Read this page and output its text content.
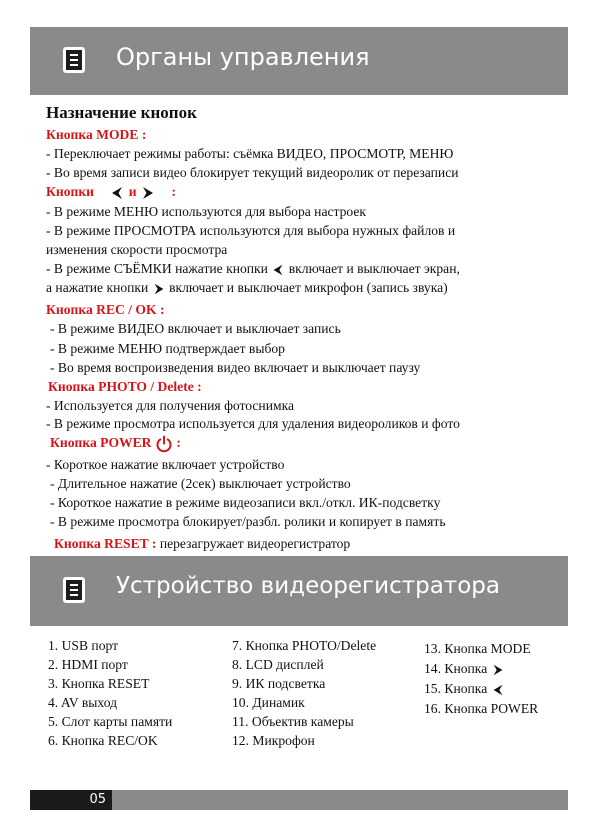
Органы управления
Назначение кнопок
Кнопка MODE :
- Переключает режимы работы: съёмка ВИДЕО, ПРОСМОТР, МЕНЮ
- Во время записи видео блокирует текущий видеоролик от перезаписи
Кнопки	и	:
- В режиме МЕНЮ используются для выбора настроек
- В режиме ПРОСМОТРА используются для выбора нужных файлов и
изменения скорости просмотра
- В режиме СЪЁМКИ нажатие кнопки включает и выключает экран,
а нажатие кнопки включает и выключает микрофон (запись звука)
Кнопка REC / OK :
- В режиме ВИДЕО включает и выключает запись
- В режиме МЕНЮ подтверждает выбор
- Во время воспроизведения видео включает и выключает паузу
Кнопка PHOTO / Delete :
- Используется для получения фотоснимка
- В режиме просмотра используется для удаления видеороликов и фото
Кнопка POWER :
- Короткое нажатие включает устройство
- Длительное нажатие (2сек) выключает устройство
- Короткое нажатие в режиме видеозаписи вкл./откл. ИК-подсветку
- В режиме просмотра блокирует/разбл. ролики и копирует в память
Кнопка RESET : перезагружает видеорегистратор
Устройство видеорегистратора
1. USB порт
2. HDMI порт
3. Кнопка RESET
4. AV выход
5. Слот карты памяти
6. Кнопка REC/OK
7. Кнопка PHOTO/Delete
8. LCD дисплей
9. ИК подсветка
10. Динамик
11. Объектив камеры
12. Микрофон
13. Кнопка MODE
14. Кнопка
15. Кнопка
16. Кнопка POWER
05
